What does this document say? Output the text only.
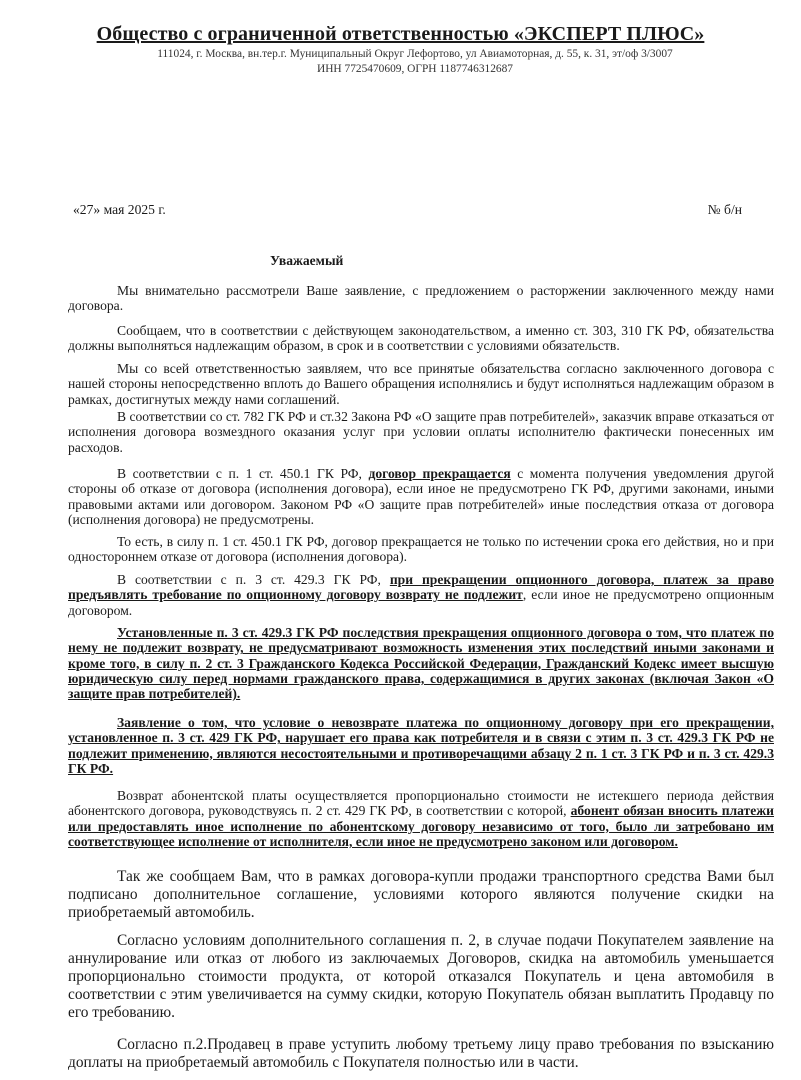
Общество с ограниченной ответственностью «ЭКСПЕРТ ПЛЮС»
111024, г. Москва, вн.тер.г. Муниципальный Округ Лефортово, ул Авиамоторная, д. 55, к. 31, эт/оф 3/3007
ИНН 7725470609, ОГРН 1187746312687
«27» мая 2025 г.	№ б/н
Уважаемый

Мы внимательно рассмотрели Ваше заявление, с предложением о расторжении заключенного между нами договора.

Сообщаем, что в соответствии с действующем законодательством, а именно ст. 303, 310 ГК РФ, обязательства должны выполняться надлежащим образом, в срок и в соответствии с условиями обязательств.

Мы со всей ответственностью заявляем, что все принятые обязательства согласно заключенного договора с нашей стороны непосредственно вплоть до Вашего обращения исполнялись и будут исполняться надлежащим образом в рамках, достигнутых между нами соглашений.

В соответствии со ст. 782 ГК РФ и ст.32 Закона РФ «О защите прав потребителей», заказчик вправе отказаться от исполнения договора возмездного оказания услуг при условии оплаты исполнителю фактически понесенных им расходов.

В соответствии с п. 1 ст. 450.1 ГК РФ, договор прекращается с момента получения уведомления другой стороны об отказе от договора (исполнения договора), если иное не предусмотрено ГК РФ, другими законами, иными правовыми актами или договором. Законом РФ «О защите прав потребителей» иные последствия отказа от договора (исполнения договора) не предусмотрены.

То есть, в силу п. 1 ст. 450.1 ГК РФ, договор прекращается не только по истечении срока его действия, но и при одностороннем отказе от договора (исполнения договора).

В соответствии с п. 3 ст. 429.3 ГК РФ, при прекращении опционного договора, платеж за право предъявлять требование по опционному договору возврату не подлежит, если иное не предусмотрено опционным договором.

Установленные п. 3 ст. 429.3 ГК РФ последствия прекращения опционного договора о том, что платеж по нему не подлежит возврату, не предусматривают возможность изменения этих последствий иными законами и кроме того, в силу п. 2 ст. 3 Гражданского Кодекса Российской Федерации, Гражданский Кодекс имеет высшую юридическую силу перед нормами гражданского права, содержащимися в других законах (включая Закон «О защите прав потребителей).

Заявление о том, что условие о невозврате платежа по опционному договору при его прекращении, установленное п. 3 ст. 429 ГК РФ, нарушает его права как потребителя и в связи с этим п. 3 ст. 429.3 ГК РФ не подлежит применению, являются несостоятельными и противоречащими абзацу 2 п. 1 ст. 3 ГК РФ и п. 3 ст. 429.3 ГК РФ.

Возврат абонентской платы осуществляется пропорционально стоимости не истекшего периода действия абонентского договора, руководствуясь п. 2 ст. 429 ГК РФ, в соответствии с которой, абонент обязан вносить платежи или предоставлять иное исполнение по абонентскому договору независимо от того, было ли затребовано им соответствующее исполнение от исполнителя, если иное не предусмотрено законом или договором.

Так же сообщаем Вам, что в рамках договора-купли продажи транспортного средства Вами был подписано дополнительное соглашение, условиями которого являются получение скидки на приобретаемый автомобиль.

Согласно условиям дополнительного соглашения п. 2, в случае подачи Покупателем заявление на аннулирование или отказ от любого из заключаемых Договоров, скидка на автомобиль уменьшается пропорционально стоимости продукта, от которой отказался Покупатель и цена автомобиля в соответствии с этим увеличивается на сумму скидки, которую Покупатель обязан выплатить Продавцу по его требованию.

Согласно п.2.Продавец в праве уступить любому третьему лицу право требования по взысканию доплаты на приобретаемый автомобиль с Покупателя полностью или в части.
